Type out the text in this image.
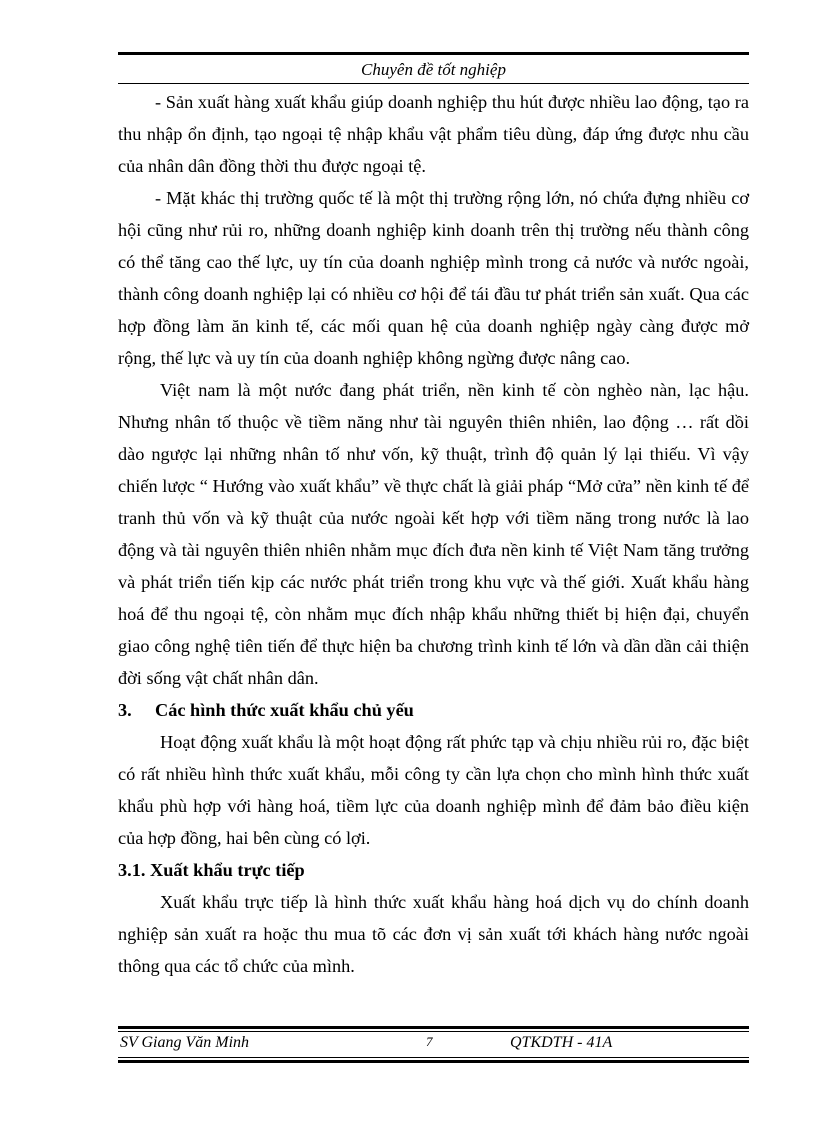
Chuyên đề tốt nghiệp

- Sản xuất hàng xuất khẩu giúp doanh nghiệp thu hút được nhiều lao động, tạo ra thu nhập ổn định, tạo ngoại tệ nhập khẩu vật phẩm tiêu dùng, đáp ứng được nhu cầu của nhân dân đồng thời thu được ngoại tệ.

- Mặt khác thị trường quốc tế là một thị trường rộng lớn, nó chứa đựng nhiều cơ hội cũng như rủi ro, những doanh nghiệp kinh doanh trên thị trường nếu thành công có thể tăng cao thế lực, uy tín của doanh nghiệp mình trong cả nước và nước ngoài, thành công doanh nghiệp lại có nhiều cơ hội để tái đầu tư phát triển sản xuất. Qua các hợp đồng làm ăn kinh tế, các mối quan hệ của doanh nghiệp ngày càng được mở rộng, thế lực và uy tín của doanh nghiệp không ngừng được nâng cao.

Việt nam là một nước đang phát triển, nền kinh tế còn nghèo nàn, lạc hậu. Nhưng nhân tố thuộc về tiềm năng như tài nguyên thiên nhiên, lao động … rất dồi dào ngược lại những nhân tố như vốn, kỹ thuật, trình độ quản lý lại thiếu. Vì vậy chiến lược “ Hướng vào xuất khẩu” về thực chất là giải pháp “Mở cửa” nền kinh tế để tranh thủ vốn và kỹ thuật của nước ngoài kết hợp với tiềm năng trong nước là lao động và tài nguyên thiên nhiên nhằm mục đích đưa nền kinh tế Việt Nam tăng trưởng và phát triển tiến kịp các nước phát triển trong khu vực và thế giới. Xuất khẩu hàng hoá để thu ngoại tệ, còn nhằm mục đích nhập khẩu những thiết bị hiện đại, chuyển giao công nghệ tiên tiến để thực hiện ba chương trình kinh tế lớn và dần dần cải thiện đời sống vật chất nhân dân.

3. Các hình thức xuất khẩu chủ yếu

Hoạt động xuất khẩu là một hoạt động rất phức tạp và chịu nhiều rủi ro, đặc biệt có rất nhiều hình thức xuất khẩu, mỗi công ty cần lựa chọn cho mình hình thức xuất khẩu phù hợp với hàng hoá, tiềm lực của doanh nghiệp mình để đảm bảo điều kiện của hợp đồng, hai bên cùng có lợi.

3.1. Xuất khẩu trực tiếp

Xuất khẩu trực tiếp là hình thức xuất khẩu hàng hoá dịch vụ do chính doanh nghiệp sản xuất ra hoặc thu mua tõ các đơn vị sản xuất tới khách hàng nước ngoài thông qua các tổ chức của mình.

SV Giang Văn Minh	7	QTKDTH - 41A
